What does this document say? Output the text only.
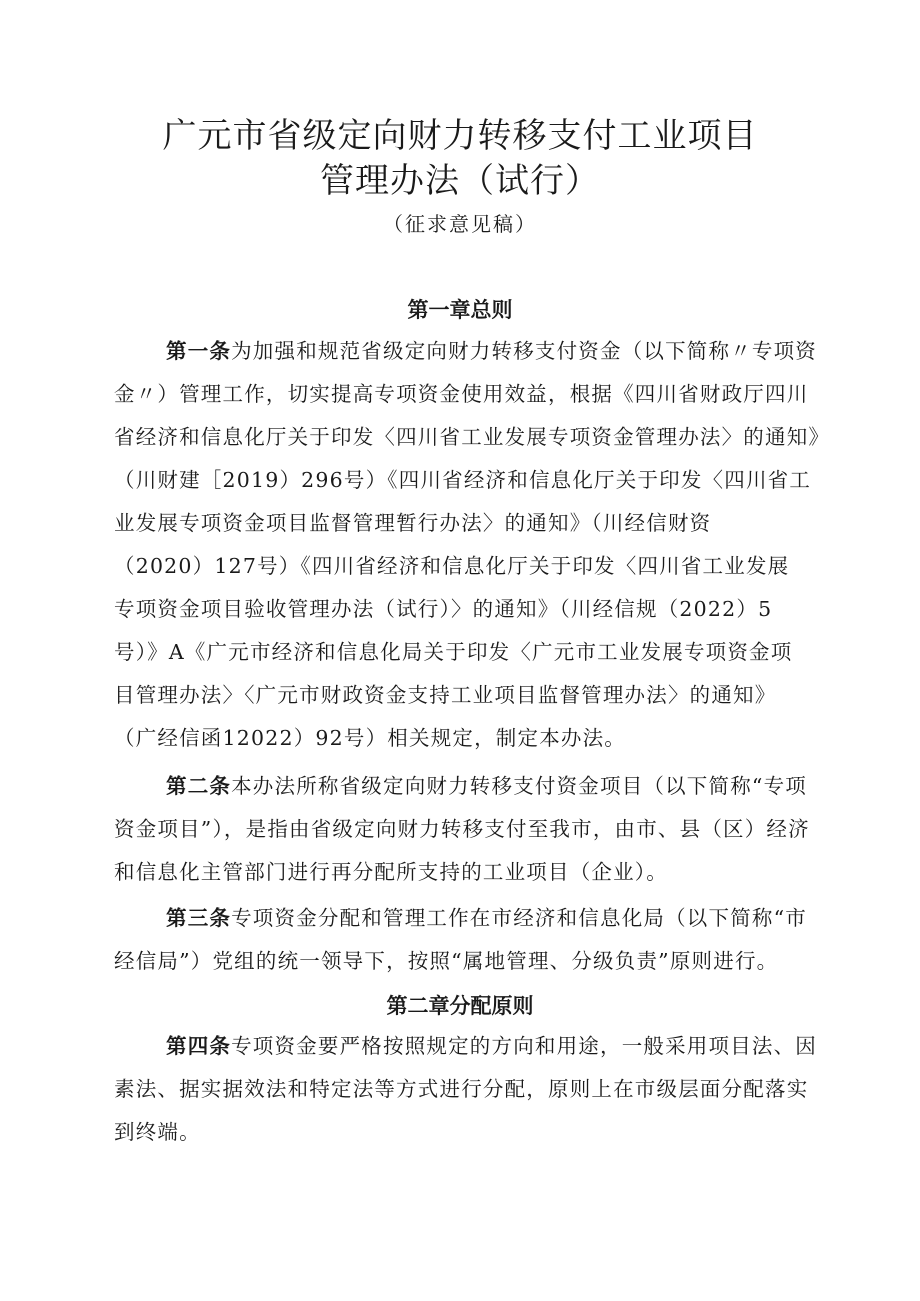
广元市省级定向财力转移支付工业项目
管理办法（试行）

（征求意见稿）

第一章总则
第一条为加强和规范省级定向财力转移支付资金（以下简称〃专项资
金〃）管理工作，切实提高专项资金使用效益，根据《四川省财政厅四川
省经济和信息化厅关于印发〈四川省工业发展专项资金管理办法〉的通知》
（川财建［2019）296号）《四川省经济和信息化厅关于印发〈四川省工
业发展专项资金项目监督管理暂行办法〉的通知》（川经信财资
（2020）127号）《四川省经济和信息化厅关于印发〈四川省工业发展
专项资金项目验收管理办法（试行）〉的通知》（川经信规（2022）5
号）》A《广元市经济和信息化局关于印发〈广元市工业发展专项资金项
目管理办法〉〈广元市财政资金支持工业项目监督管理办法〉的通知》
（广经信函12022）92号）相关规定，制定本办法。
第二条本办法所称省级定向财力转移支付资金项目（以下简称“专项
资金项目”），是指由省级定向财力转移支付至我市，由市、县（区）经济
和信息化主管部门进行再分配所支持的工业项目（企业）。
第三条专项资金分配和管理工作在市经济和信息化局（以下简称“市
经信局”）党组的统一领导下，按照“属地管理、分级负责”原则进行。
第二章分配原则
第四条专项资金要严格按照规定的方向和用途，一般采用项目法、因
素法、据实据效法和特定法等方式进行分配，原则上在市级层面分配落实
到终端。
